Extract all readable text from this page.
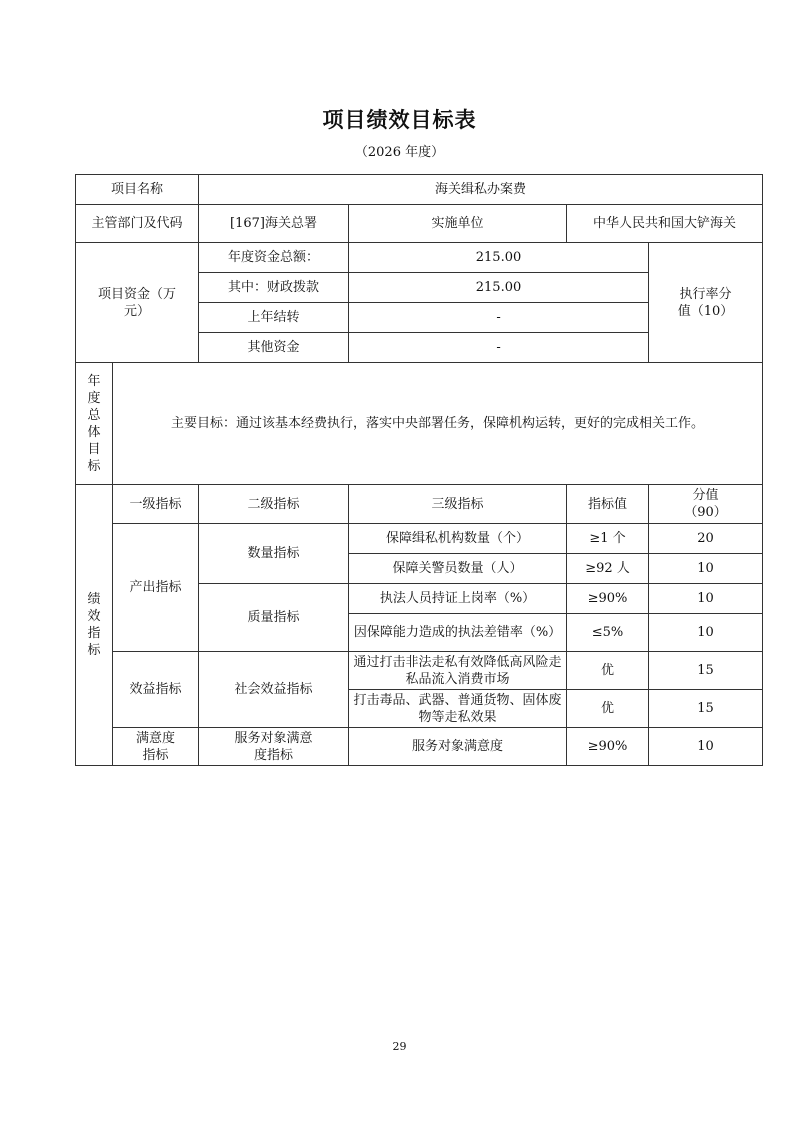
项目绩效目标表
（2026 年度）
项目名称		海关缉私办案费			
主管部门及代码		[167]海关总署	实施单位	中华人民共和国大铲海关	
项目资金（万元）		年度资金总额：	215.00		执行率分值（10）
		其中：财政拨款	215.00		
		上年结转	-		
		其他资金	-		
年度总体目标	主要目标：通过该基本经费执行，落实中央部署任务，保障机构运转，更好的完成相关工作。				
绩效指标	一级指标	二级指标	三级指标	指标值	分值（90）
	产出指标	数量指标	保障缉私机构数量（个）	≥1 个	20
			保障关警员数量（人）	≥92 人	10
		质量指标	执法人员持证上岗率（%）	≥90%	10
			因保障能力造成的执法差错率（%）	≤5%	10
	效益指标	社会效益指标	通过打击非法走私有效降低高风险走私品流入消费市场	优	15
			打击毒品、武器、普通货物、固体废物等走私效果	优	15
	满意度指标	服务对象满意度指标	服务对象满意度	≥90%	10
29
